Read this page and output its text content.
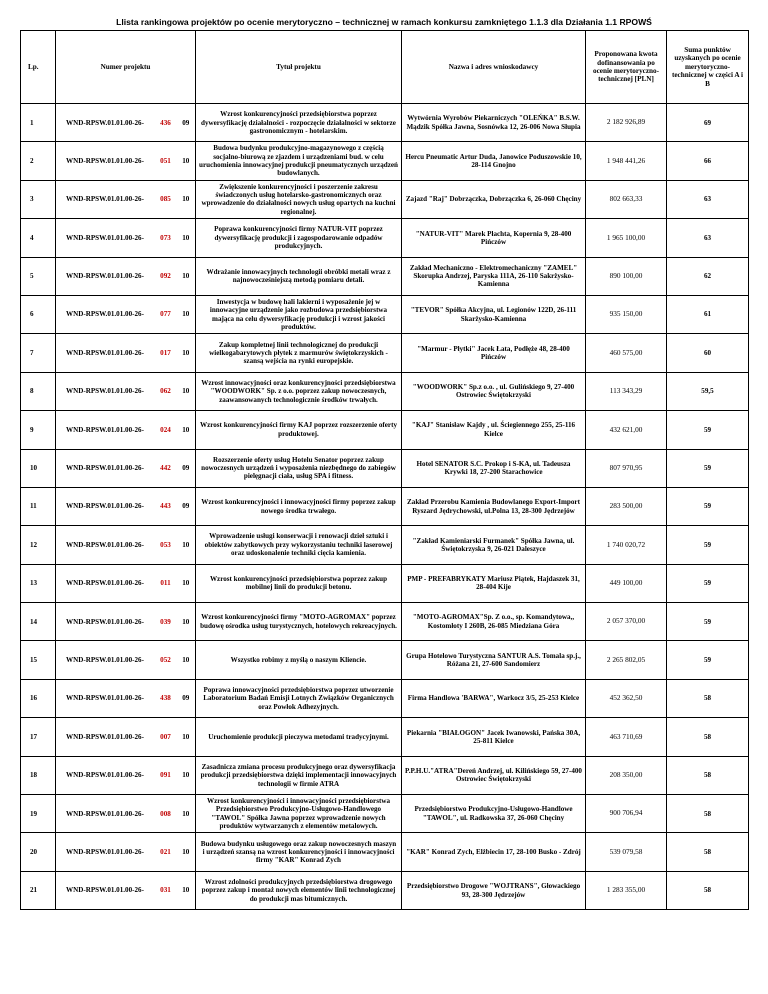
Llista rankingowa projektów po ocenie merytoryczno – technicznej w ramach konkursu zamkniętego 1.1.3 dla Działania 1.1 RPOWŚ
Lp.	Numer projektu			Tytuł projektu	Nazwa i adres wnioskodawcy	Proponowana kwota dofinansowania po ocenie merytoryczno-technicznej [PLN]	Suma punktów uzyskanych po ocenie merytoryczno-technicznej w części A i B
1	WND-RPSW.01.01.00-26-	436	09	Wzrost konkurencyjności przedsiębiorstwa poprzez dywersyfikację działalności - rozpoczęcie działalności w sektorze gastronomicznym - hotelarskim.	Wytwórnia Wyrobów Piekarniczych "OLEŃKA" B.S.W. Mądzik Spółka Jawna, Sosnówka 12, 26-006 Nowa Słupia	2 182 926,89	69
2	WND-RPSW.01.01.00-26-	051	10	Budowa budynku produkcyjno-magazynowego z częścią socjalno-biurową ze zjazdem i urządzeniami bud. w celu uruchomienia innowacyjnej produkcji pneumatycznych urządzeń budowlanych.	Hercu Pneumatic Artur Duda, Janowice Poduszowskie 10, 28-114 Gnojno	1 948 441,26	66
3	WND-RPSW.01.01.00-26-	085	10	Zwiększenie konkurencyjności i poszerzenie zakresu świadczonych usług hotelarsko-gastronomicznych oraz wprowadzenie do działalności nowych usług opartych na kuchni regionalnej.	Zajazd "Raj" Dobrzączka, Dobrzączka 6, 26-060 Chęciny	802 663,33	63
4	WND-RPSW.01.01.00-26-	073	10	Poprawa konkurencyjności firmy NATUR-VIT poprzez dywersyfikację produkcji i zagospodarowanie odpadów produkcyjnych.	"NATUR-VIT" Marek Płachta, Kopernia 9, 28-400 Pińczów	1 965 100,00	63
5	WND-RPSW.01.01.00-26-	092	10	Wdrażanie innowacyjnych technologii obróbki metali wraz z najnowocześniejszą metodą pomiaru detali.	Zakład Mechaniczno - Elektromechaniczny "ZAMEL" Skorupka Andrzej, Paryska 111A, 26-110 Sakrżysko-Kamienna	890 100,00	62
6	WND-RPSW.01.01.00-26-	077	10	Inwestycja w budowę hali lakierni i wyposażenie jej w innowacyjne urządzenie jako rozbudowa przedsiębiorstwa mająca na celu dywersyfikację produkcji i wzrost jakości produktów.	"TEVOR" Spółka Akcyjna, ul. Legionów 122D, 26-111 Skarżysko-Kamienna	935 150,00	61
7	WND-RPSW.01.01.00-26-	017	10	Zakup kompletnej linii technologicznej do produkcji wielkogabarytowych płytek z marmurów świętokrzyskich - szansą wejścia na rynki europejskie.	"Marmur - Płytki" Jacek Łata, Podłęże 48, 28-400 Pińczów	460 575,00	60
8	WND-RPSW.01.01.00-26-	062	10	Wzrost innowacyjności oraz konkurencyjności przedsiębiorstwa "WOODWORK" Sp. z o.o. poprzez zakup nowoczesnych, zaawansowanych technologicznie środków trwałych.	"WOODWORK" Sp.z o.o. , ul. Gulińskiego 9, 27-400 Ostrowiec Świętokrzyski	113 343,29	59,5
9	WND-RPSW.01.01.00-26-	024	10	Wzrost konkurencyjności firmy KAJ poprzez rozszerzenie oferty produktowej.	"KAJ" Stanisław Kajdy , ul. Ściegiennego 255, 25-116 Kielce	432 621,00	59
10	WND-RPSW.01.01.00-26-	442	09	Rozszerzenie oferty usług Hotelu Senator poprzez zakup nowoczesnych urządzeń i wyposażenia niezbędnego do zabiegów pielęgnacji ciała, usług SPA i fitness.	Hotel SENATOR S.C. Prokop i S-KA, ul. Tadeusza Krywki 18, 27-200 Starachowice	807 970,95	59
11	WND-RPSW.01.01.00-26-	443	09	Wzrost konkurencyjności i innowacyjności firmy poprzez zakup nowego środka trwałego.	Zakład Przerobu Kamienia Budowlanego Export-Import Ryszard Jędrychowski, ul.Polna 13, 28-300 Jędrzejów	283 500,00	59
12	WND-RPSW.01.01.00-26-	053	10	Wprowadzenie usługi konserwacji i renowacji dzieł sztuki i obiektów zabytkowych przy wykorzystaniu techniki laserowej oraz udoskonalenie techniki cięcia kamienia.	"Zakład Kamieniarski Furmanek" Spółka Jawna, ul. Świętokrzyska 9, 26-021 Daleszyce	1 740 020,72	59
13	WND-RPSW.01.01.00-26-	011	10	Wzrost konkurencyjności przedsiębiorstwa poprzez zakup mobilnej linii do produkcji betonu.	PMP - PREFABRYKATY Mariusz Piątek, Hajdaszek 31, 28-404 Kije	449 100,00	59
14	WND-RPSW.01.01.00-26-	039	10	Wzrost konkurencyjności firmy "MOTO-AGROMAX" poprzez budowę ośrodka usług turystycznych, hotelowych rekreacyjnych.	"MOTO-AGROMAX"Sp. Z o.o., sp. Komandytowa,, Kostomłoty I 260B, 26-085 Miedziana Góra	2 057 370,00	59
15	WND-RPSW.01.01.00-26-	052	10	Wszystko robimy z myślą o naszym Kliencie.	Grupa Hotelowo Turystyczna SANTUR A.S. Tomala sp.j., Różana 21, 27-600 Sandomierz	2 265 802,05	59
16	WND-RPSW.01.01.00-26-	438	09	Poprawa innowacyjności przedsiębiorstwa poprzez utworzenie Laboratorium Badań Emisji Lotnych Związków Organicznych oraz Powłok Adhezyjnych.	Firma Handlowa 'BARWA", Warkocz 3/5, 25-253 Kielce	452 362,50	58
17	WND-RPSW.01.01.00-26-	007	10	Uruchomienie produkcji pieczywa metodami tradycyjnymi.	Piekarnia "BIAŁOGON" Jacek Iwanowski, Pańska 30A, 25-811 Kielce	463 710,69	58
18	WND-RPSW.01.01.00-26-	091	10	Zasadnicza zmiana procesu produkcyjnego oraz dywersyfikacja produkcji przedsiębiorstwa dzięki implementacji innowacyjnych technologii w firmie ATRA	P.P.H.U."ATRA"Dereń Andrzej, ul. Kilińskiego 59, 27-400 Ostrowiec Świętokrzyski	208 350,00	58
19	WND-RPSW.01.01.00-26-	008	10	Wzrost konkurencyjności i innowacyjności przedsiębiorstwa Przedsiębiorstwo Produkcyjno-Usługowo-Handlowego "TAWOL" Spółka Jawna poprzez wprowadzenie nowych produktów wytwarzanych z elementów metalowych.	Przedsiębiorstwo Produkcyjno-Usługowo-Handlowe "TAWOL", ul. Radkowska 37, 26-060 Chęciny	900 706,94	58
20	WND-RPSW.01.01.00-26-	021	10	Budowa budynku usługowego oraz zakup nowoczesnych maszyn i urządzeń szansą na wzrost konkurencyjności i innowacyjności firmy "KAR" Konrad Zych	"KAR" Konrad Zych, Elżbiecin 17, 28-100 Busko - Zdrój	539 079,58	58
21	WND-RPSW.01.01.00-26-	031	10	Wzrost zdolności produkcyjnych przedsiębiorstwa drogowego poprzez zakup i montaż nowych elementów linii technologicznej do produkcji mas bitumicznych.	Przedsiębiorstwo Drogowe "WOJTRANS", Głowackiego 93, 28-300 Jędrzejów	1 283 355,00	58
